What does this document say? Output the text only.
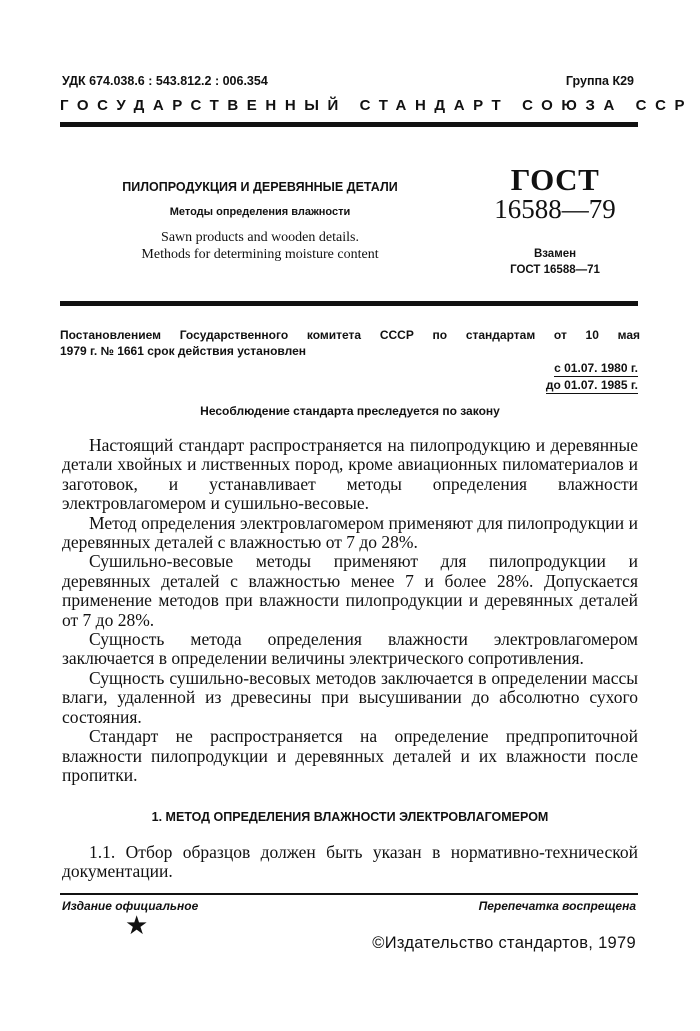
УДК 674.038.6 : 543.812.2 : 006.354	Группа К29
ГОСУДАРСТВЕННЫЙ СТАНДАРТ СОЮЗА ССР
ПИЛОПРОДУКЦИЯ И ДЕРЕВЯННЫЕ ДЕТАЛИ
Методы определения влажности
Sawn products and wooden details.
Methods for determining moisture content
ГОСТ
16588—79
Взамен
ГОСТ 16588—71
Постановлением Государственного комитета СССР по стандартам от 10 мая
1979 г. № 1661 срок действия установлен
с 01.07. 1980 г.
до 01.07. 1985 г.
Несоблюдение стандарта преследуется по закону

Настоящий стандарт распространяется на пилопродукцию и деревянные детали хвойных и лиственных пород, кроме авиационных пиломатериалов и заготовок, и устанавливает методы определения влажности электровлагомером и сушильно-весовые.

Метод определения электровлагомером применяют для пилопродукции и деревянных деталей с влажностью от 7 до 28%.

Сушильно-весовые методы применяют для пилопродукции и деревянных деталей с влажностью менее 7 и более 28%. Допускается применение методов при влажности пилопродукции и деревянных деталей от 7 до 28%.

Сущность метода определения влажности электровлагомером заключается в определении величины электрического сопротивления.

Сущность сушильно-весовых методов заключается в определении массы влаги, удаленной из древесины при высушивании до абсолютно сухого состояния.

Стандарт не распространяется на определение предпропиточной влажности пилопродукции и деревянных деталей и их влажности после пропитки.

1. МЕТОД ОПРЕДЕЛЕНИЯ ВЛАЖНОСТИ ЭЛЕКТРОВЛАГОМЕРОМ

1.1. Отбор образцов должен быть указан в нормативно-технической документации.

Издание официальное	Перепечатка воспрещена
★
©Издательство стандартов, 1979
